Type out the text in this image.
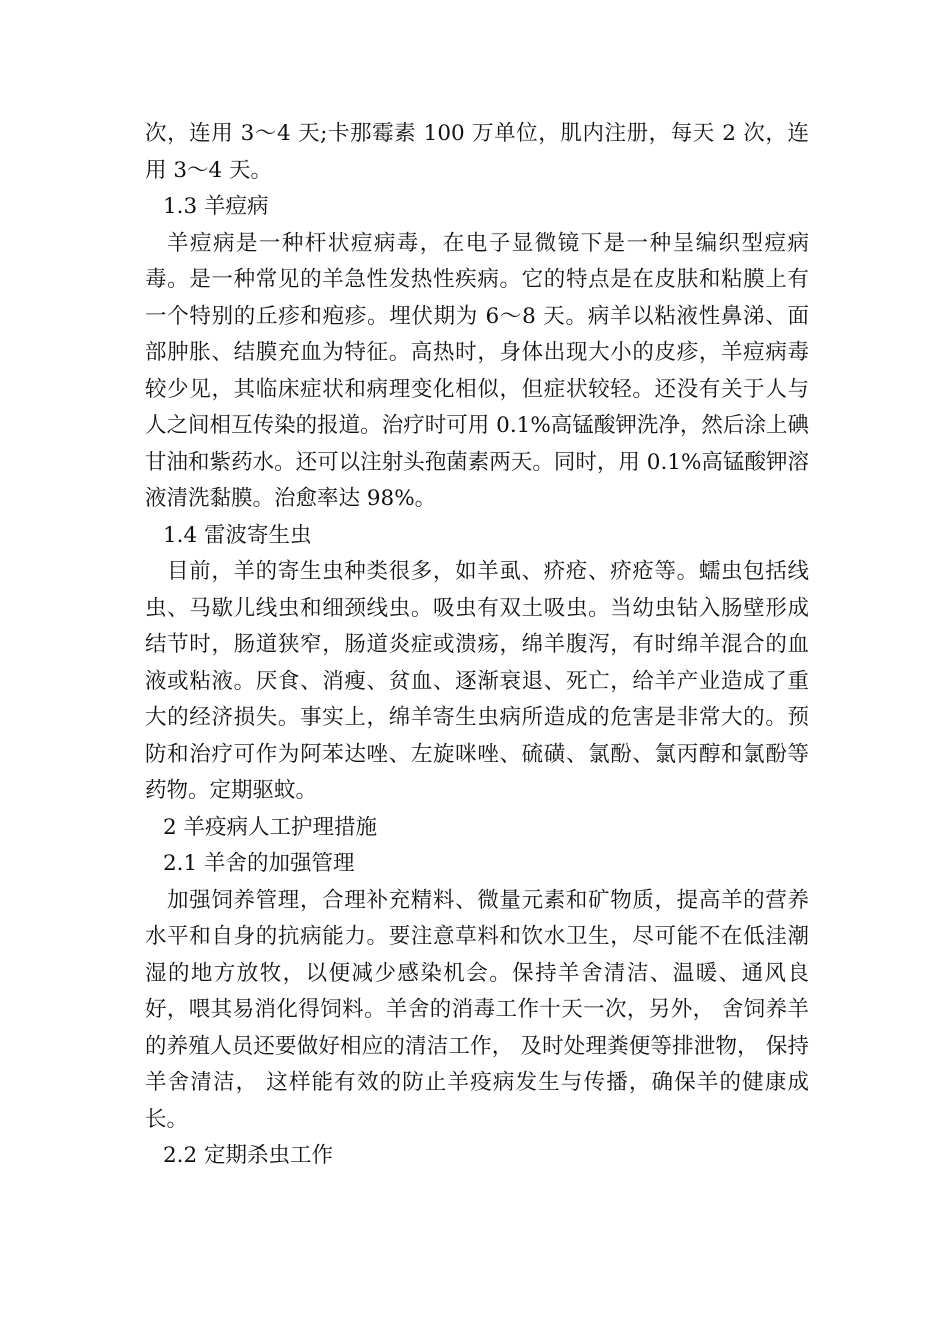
次，连用 3～4 天;卡那霉素 100 万单位，肌内注册，每天 2 次，连用 3～4 天。

1.3 羊痘病

羊痘病是一种杆状痘病毒，在电子显微镜下是一种呈编织型痘病毒。是一种常见的羊急性发热性疾病。它的特点是在皮肤和粘膜上有一个特别的丘疹和疱疹。埋伏期为 6～8 天。病羊以粘液性鼻涕、面部肿胀、结膜充血为特征。高热时，身体出现大小的皮疹，羊痘病毒较少见，其临床症状和病理变化相似，但症状较轻。还没有关于人与人之间相互传染的报道。治疗时可用 0.1%高锰酸钾洗净，然后涂上碘甘油和紫药水。还可以注射头孢菌素两天。同时，用 0.1%高锰酸钾溶液清洗黏膜。治愈率达 98%。

1.4 雷波寄生虫

目前，羊的寄生虫种类很多，如羊虱、疥疮、疥疮等。蠕虫包括线虫、马歇儿线虫和细颈线虫。吸虫有双土吸虫。当幼虫钻入肠壁形成结节时，肠道狭窄，肠道炎症或溃疡，绵羊腹泻，有时绵羊混合的血液或粘液。厌食、消瘦、贫血、逐渐衰退、死亡，给羊产业造成了重大的经济损失。事实上，绵羊寄生虫病所造成的危害是非常大的。预防和治疗可作为阿苯达唑、左旋咪唑、硫磺、氯酚、氯丙醇和氯酚等药物。定期驱蚊。

2 羊疫病人工护理措施

2.1 羊舍的加强管理

加强饲养管理，合理补充精料、微量元素和矿物质，提高羊的营养水平和自身的抗病能力。要注意草料和饮水卫生，尽可能不在低洼潮湿的地方放牧，以便减少感染机会。保持羊舍清洁、温暖、通风良好，喂其易消化得饲料。羊舍的消毒工作十天一次，另外， 舍饲养羊的养殖人员还要做好相应的清洁工作， 及时处理粪便等排泄物， 保持羊舍清洁， 这样能有效的防止羊疫病发生与传播，确保羊的健康成长。

2.2 定期杀虫工作
